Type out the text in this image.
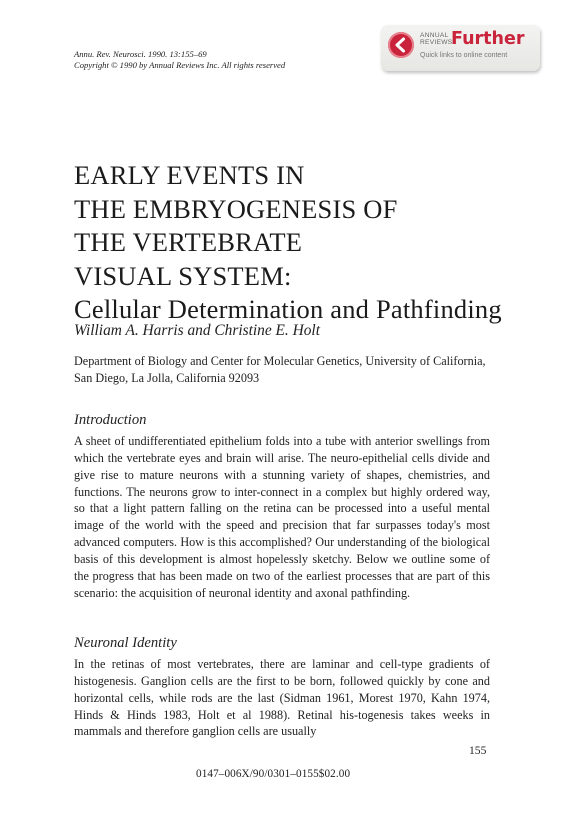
Annu. Rev. Neurosci. 1990. 13:155–69
Copyright © 1990 by Annual Reviews Inc. All rights reserved
ANNUAL
REVIEWS
Further
Quick links to online content
EARLY EVENTS IN
THE EMBRYOGENESIS OF
THE VERTEBRATE
VISUAL SYSTEM:
Cellular Determination and Pathfinding
William A. Harris and Christine E. Holt
Department of Biology and Center for Molecular Genetics, University of California, San Diego, La Jolla, California 92093
Introduction
A sheet of undifferentiated epithelium folds into a tube with anterior swellings from which the vertebrate eyes and brain will arise. The neuro-epithelial cells divide and give rise to mature neurons with a stunning variety of shapes, chemistries, and functions. The neurons grow to inter-connect in a complex but highly ordered way, so that a light pattern falling on the retina can be processed into a useful mental image of the world with the speed and precision that far surpasses today's most advanced computers. How is this accomplished? Our understanding of the biological basis of this development is almost hopelessly sketchy. Below we outline some of the progress that has been made on two of the earliest processes that are part of this scenario: the acquisition of neuronal identity and axonal pathfinding.
Neuronal Identity
In the retinas of most vertebrates, there are laminar and cell-type gradients of histogenesis. Ganglion cells are the first to be born, followed quickly by cone and horizontal cells, while rods are the last (Sidman 1961, Morest 1970, Kahn 1974, Hinds & Hinds 1983, Holt et al 1988). Retinal his-togenesis takes weeks in mammals and therefore ganglion cells are usually
155
0147–006X/90/0301–0155$02.00
